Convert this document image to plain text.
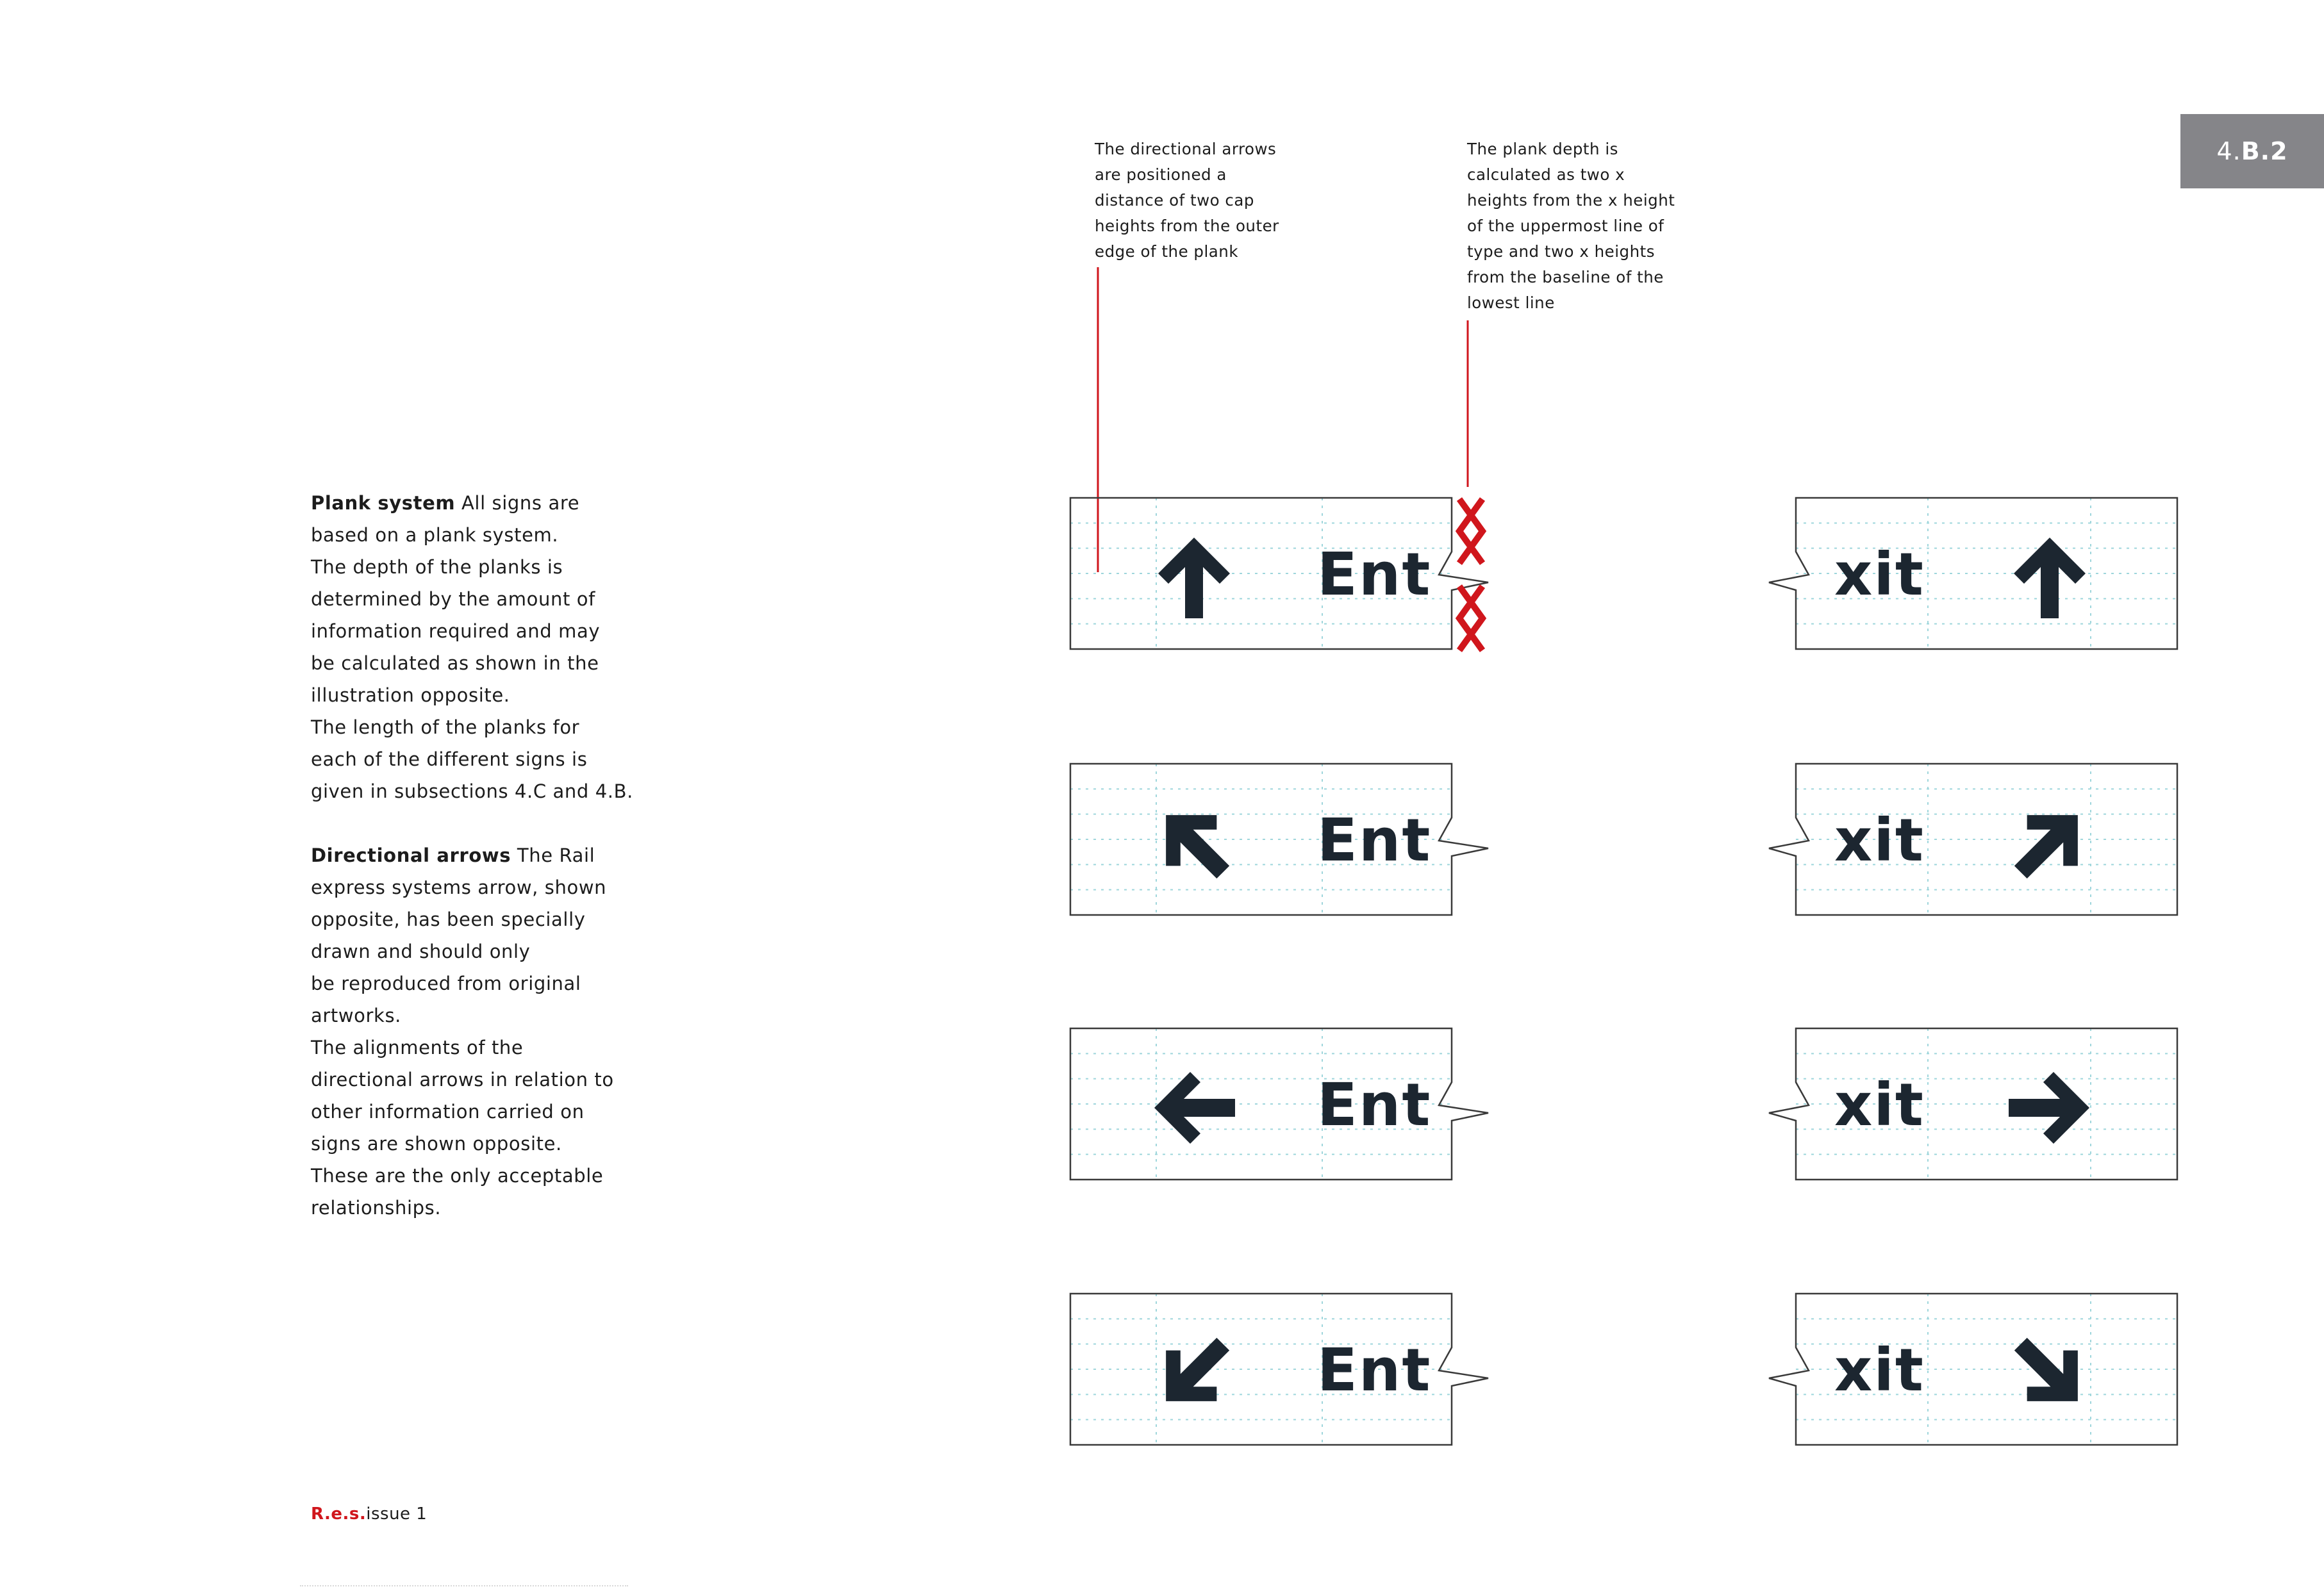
4. B.2
The directional arrows
are positioned a
distance of two cap
heights from the outer
edge of the plank
The plank depth is
calculated as two x
heights from the x height
of the uppermost line of
type and two x heights
from the baseline of the
lowest line
Plank system All signs are
based on a plank system.
The depth of the planks is
determined by the amount of
information required and may
be calculated as shown in the
illustration opposite.
The length of the planks for
each of the different signs is
given in subsections 4.C and 4.B.
Directional arrows The Rail
express systems arrow, shown
opposite, has been specially
drawn and should only
be reproduced from original
artworks.
The alignments of the
directional arrows in relation to
other information carried on
signs are shown opposite.
These are the only acceptable
relationships.
Ent	xit
Ent	xit
Ent	xit
Ent	xit
R.e.s.issue 1
